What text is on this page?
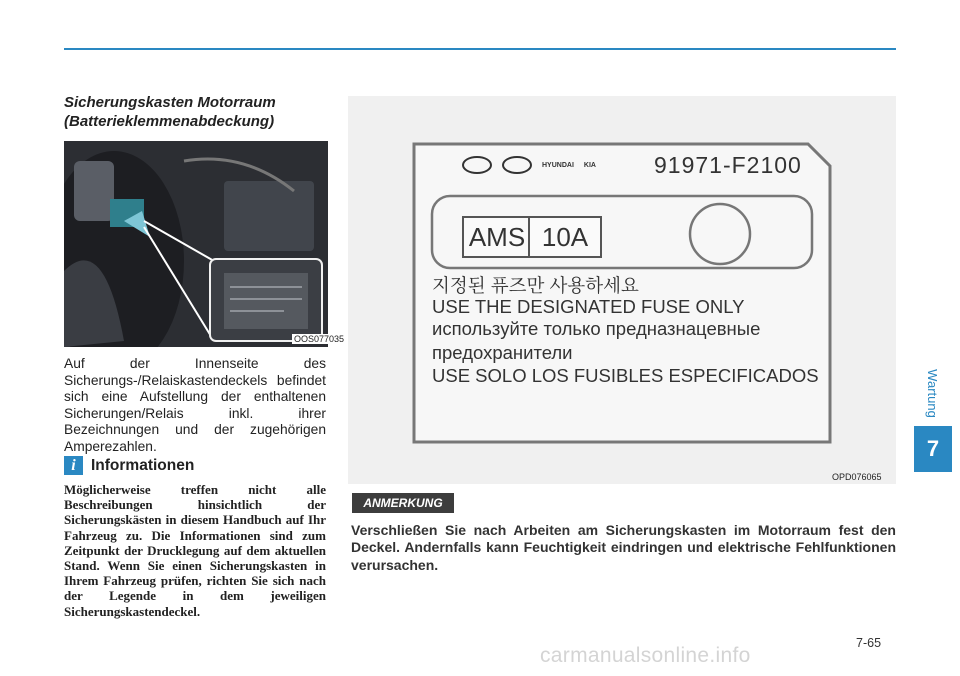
Wartung
7
Sicherungskasten Motorraum
(Batterieklemmenabdeckung)
OOS077035

Auf der Innenseite des Sicherungs-/Relaiskastendeckels befindet sich eine Aufstellung der enthaltenen Sicherungen/Relais inkl. ihrer Bezeichnungen und der zugehörigen Amperezahlen.

i Informationen

Möglicherweise treffen nicht alle Beschreibungen hinsichtlich der Sicherungskästen in diesem Handbuch auf Ihr Fahrzeug zu. Die Informationen sind zum Zeitpunkt der Drucklegung auf dem aktuellen Stand. Wenn Sie einen Sicherungskasten in Ihrem Fahrzeug prüfen, richten Sie sich nach der Legende in dem jeweiligen Sicherungskastendeckel.

HYUNDAI KIA	91971-F2100
AMS 10A
지정된 퓨즈만 사용하세요
USE THE DESIGNATED FUSE ONLY
используйте только предназнацевные
предохранители
USE SOLO LOS FUSIBLES ESPECIFICADOS
OPD076065
ANMERKUNG

Verschließen Sie nach Arbeiten am Sicherungskasten im Motorraum fest den Deckel. Andernfalls kann Feuchtigkeit eindringen und elektrische Fehlfunktionen verursachen.

7-65
carmanualsonline.info
